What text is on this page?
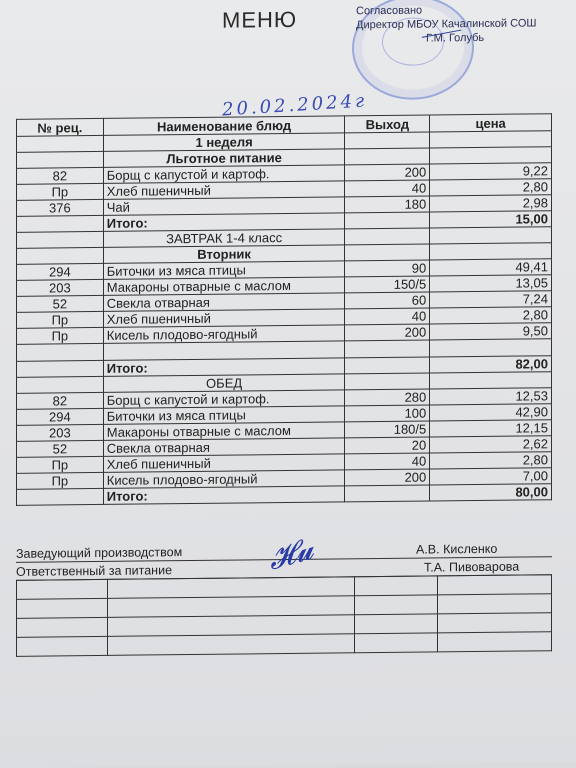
МЕНЮ	Согласовано
Директор МБОУ Качалинской СОШ
Г.М. Голубь
20.02.2024г
№ рец.	Наименование блюд	Выход	цена
	1 неделя		
	Льготное питание		
82	Борщ с капустой и картоф.	200	9,22
Пр	Хлеб пшеничный	40	2,80
376	Чай	180	2,98
	Итого:		15,00
	ЗАВТРАК 1-4 класс		
	Вторник		
294	Биточки из мяса птицы	90	49,41
203	Макароны отварные с маслом	150/5	13,05
52	Свекла отварная	60	7,24
Пр	Хлеб пшеничный	40	2,80
Пр	Кисель плодово-ягодный	200	9,50

	Итого:		82,00
	ОБЕД		
82	Борщ с капустой и картоф.	280	12,53
294	Биточки из мяса птицы	100	42,90
203	Макароны отварные с маслом	180/5	12,15
52	Свекла отварная	20	2,62
Пр	Хлеб пшеничный	40	2,80
Пр	Кисель плодово-ягодный	200	7,00
	Итого:		80,00
Заведующий производством	А.В. Кисленко
Ответственный за питание	Т.А. Пивоварова
𝓗𝓾
